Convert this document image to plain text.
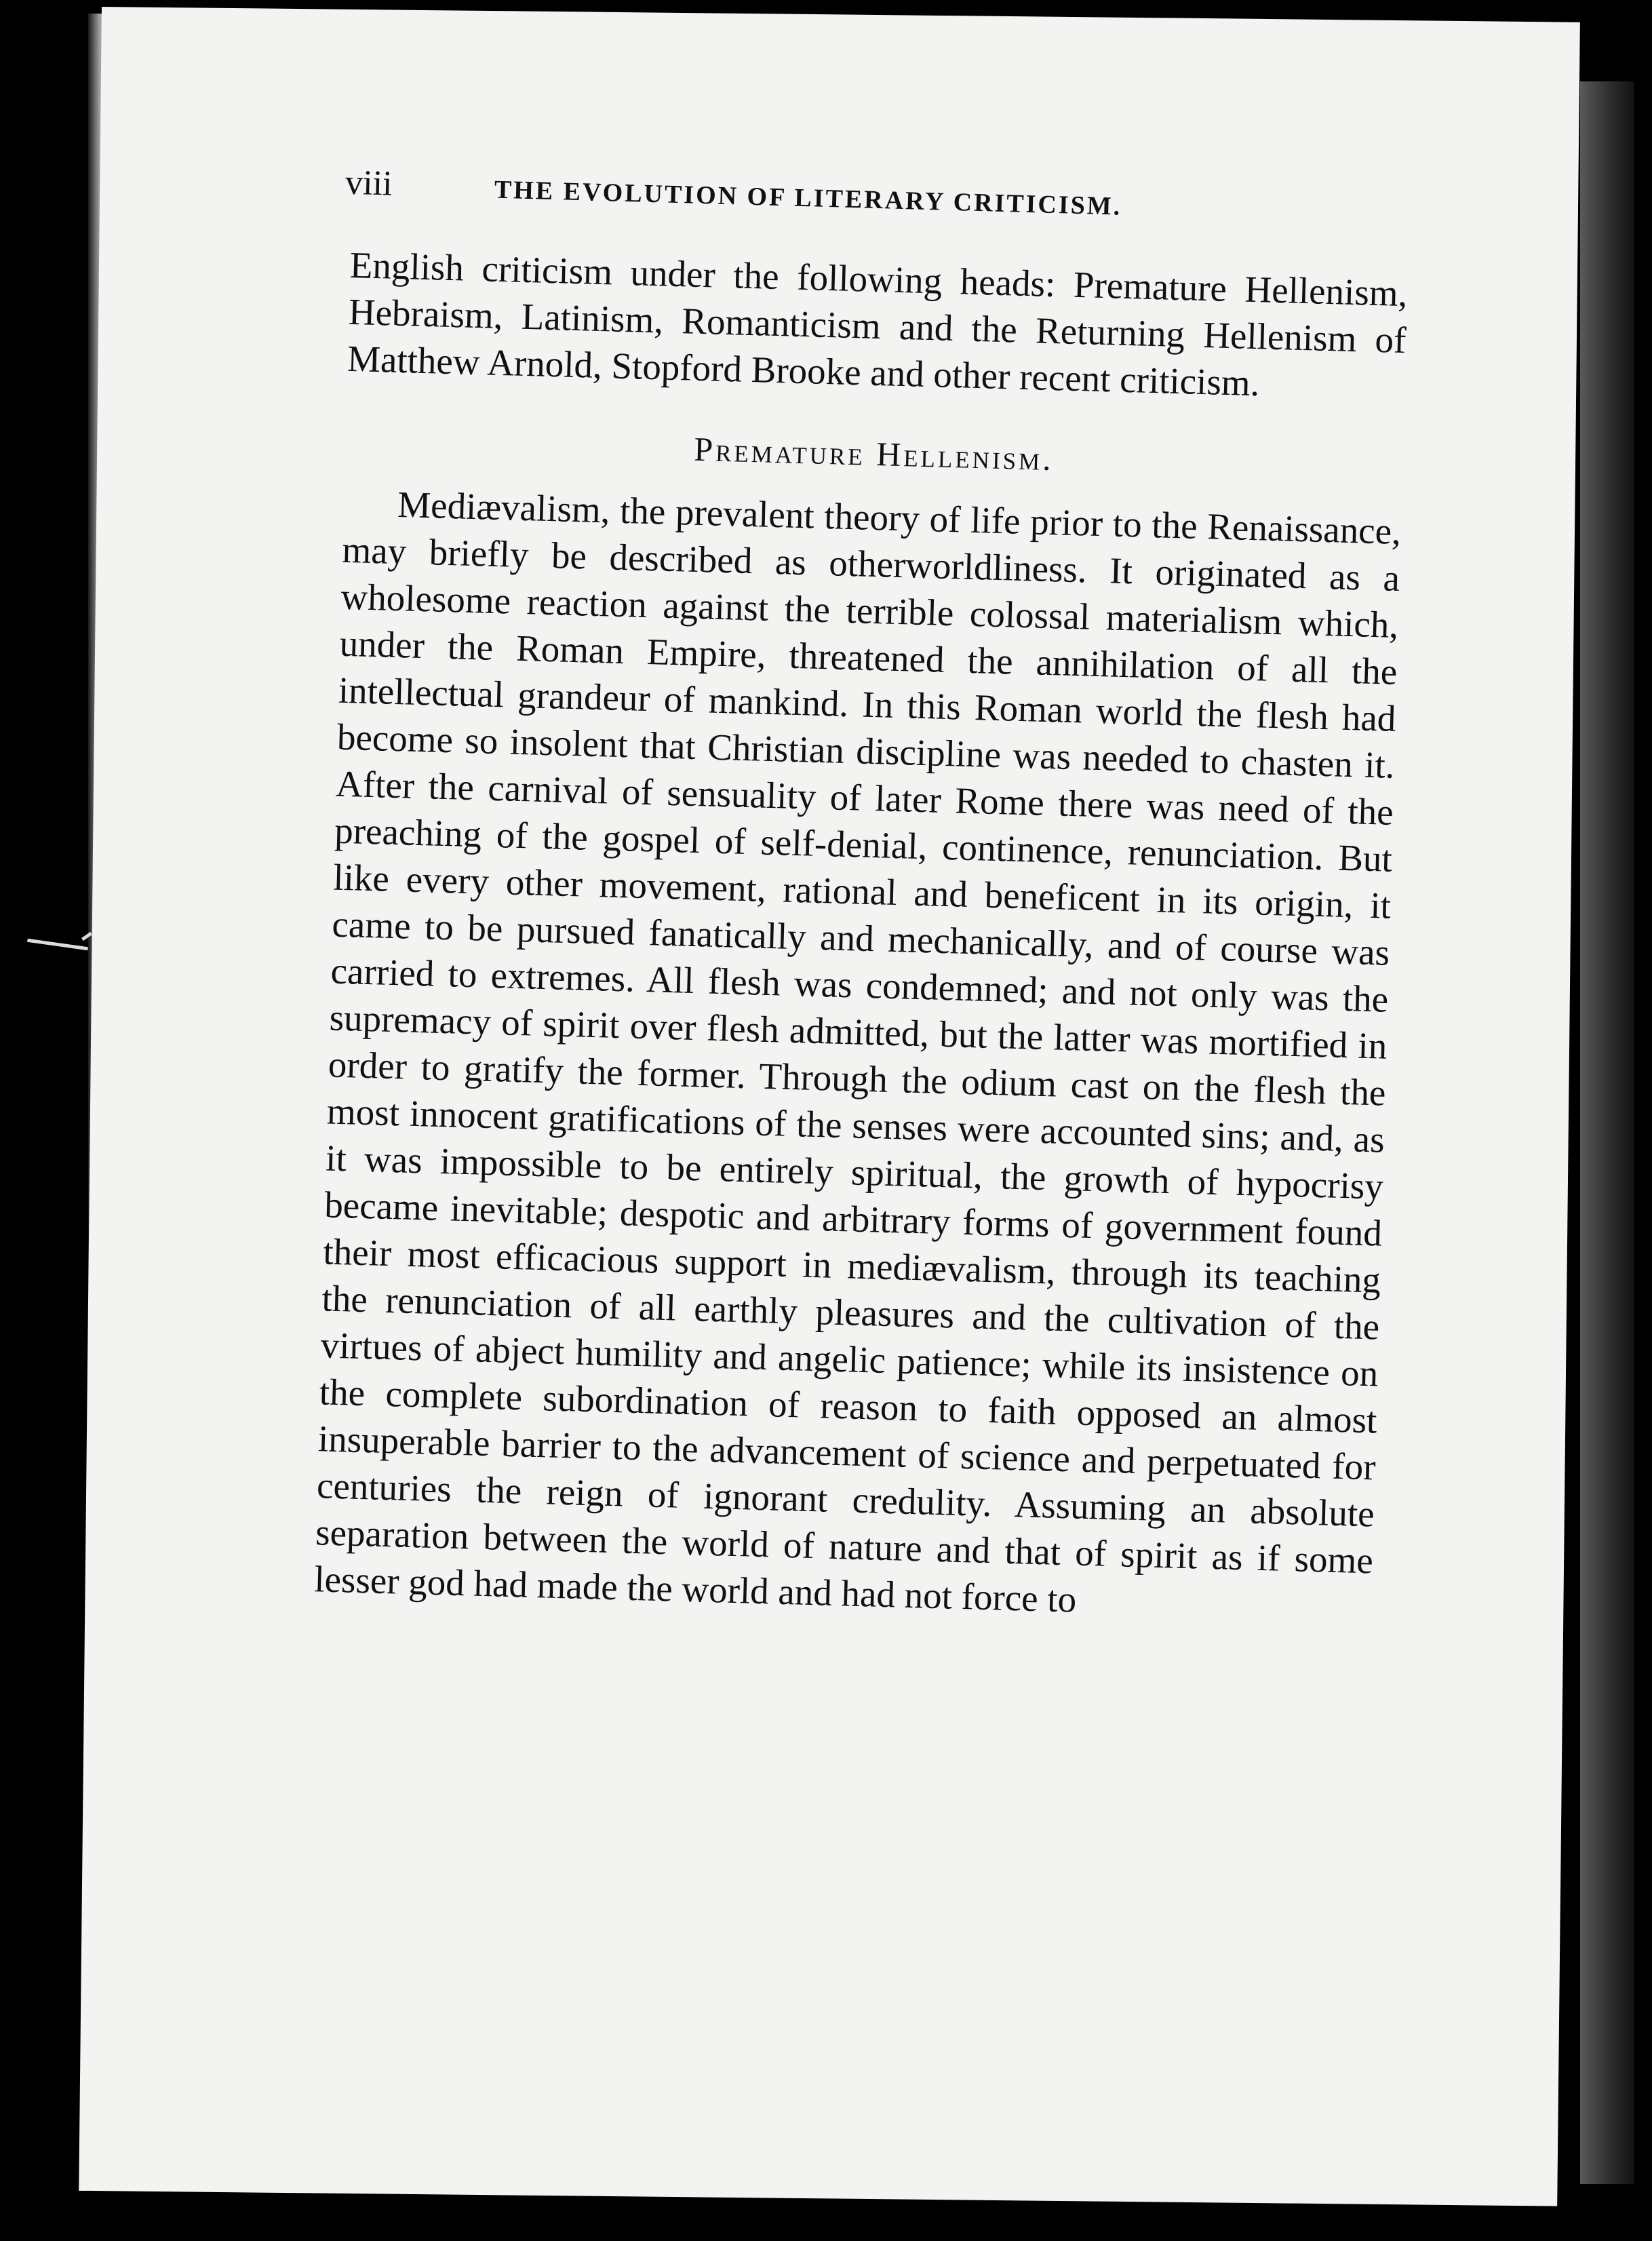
viii	THE EVOLUTION OF LITERARY CRITICISM.

English criticism under the following heads: Premature Hellenism, Hebraism, Latinism, Romanticism and the Returning Hellenism of Matthew Arnold, Stopford Brooke and other recent criticism.

Premature Hellenism.

Mediævalism, the prevalent theory of life prior to the Renaissance, may briefly be described as otherworldliness. It originated as a wholesome reaction against the terrible colossal materialism which, under the Roman Empire, threatened the annihilation of all the intellectual grandeur of mankind. In this Roman world the flesh had become so insolent that Christian discipline was needed to chasten it. After the carnival of sensuality of later Rome there was need of the preaching of the gospel of self-denial, continence, renunciation. But like every other movement, rational and beneficent in its origin, it came to be pursued fanatically and mechanically, and of course was carried to extremes. All flesh was condemned; and not only was the supremacy of spirit over flesh admitted, but the latter was mortified in order to gratify the former. Through the odium cast on the flesh the most innocent gratifications of the senses were accounted sins; and, as it was impossible to be entirely spiritual, the growth of hypocrisy became inevitable; despotic and arbitrary forms of government found their most efficacious support in mediævalism, through its teaching the renunciation of all earthly pleasures and the cultivation of the virtues of abject humility and angelic patience; while its insistence on the complete subordination of reason to faith opposed an almost insuperable barrier to the advancement of science and perpetuated for centuries the reign of ignorant credulity. Assuming an absolute separation between the world of nature and that of spirit as if some lesser god had made the world and had not force to
